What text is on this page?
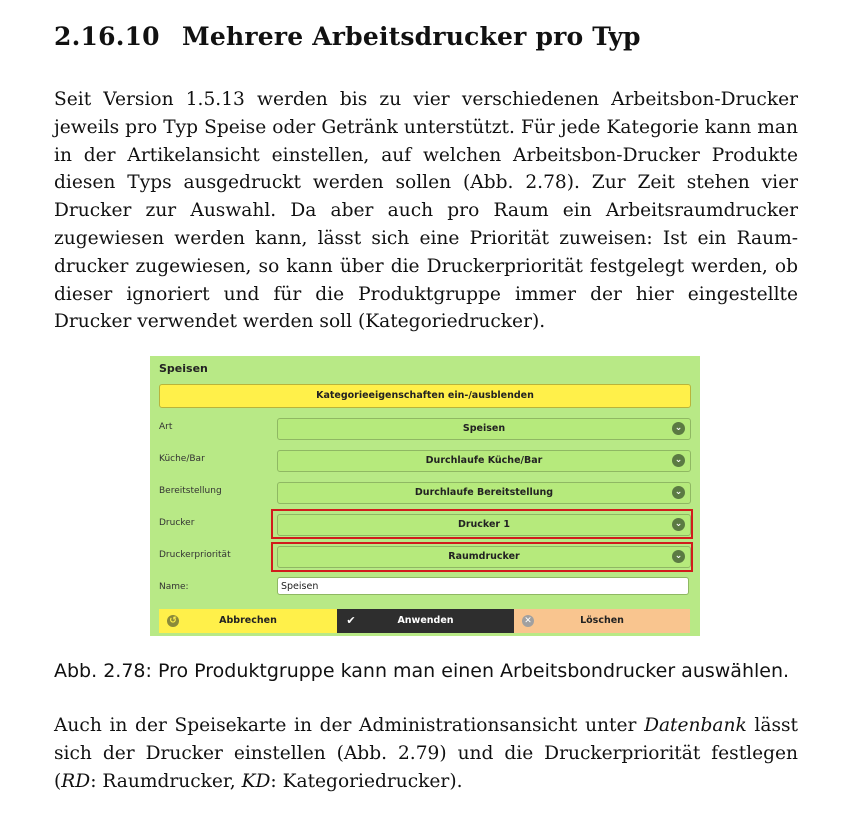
2.16.10 Mehrere Arbeitsdrucker pro Typ
Seit Version 1.5.13 werden bis zu vier verschiedenen Arbeitsbon-Drucker jeweils pro Typ Speise oder Getränk unterstützt. Für jede Kategorie kann man in der Artikelansicht einstellen, auf welchen Arbeitsbon-Drucker Produkte diesen Typs ausgedruckt werden sollen (Abb. 2.78). Zur Zeit stehen vier Drucker zur Auswahl. Da aber auch pro Raum ein Arbeitsraumdrucker zugewiesen werden kann, lässt sich eine Priorität zuweisen: Ist ein Raumdrucker zugewiesen, so kann über die Druckerpriorität festgelegt werden, ob dieser ignoriert und für die Produktgruppe immer der hier eingestellte Drucker verwendet werden soll (Kategoriedrucker).
Speisen
Kategorieeigenschaften ein-/ausblenden
Art	Speisen	⌄
Küche/Bar	Durchlaufe Küche/Bar	⌄
Bereitstellung	Durchlaufe Bereitstellung	⌄
Drucker	Drucker 1	⌄
Druckerpriorität	Raumdrucker	⌄
Name:	Speisen
↺	Abbrechen	✔	Anwenden	✕	Löschen
Abb. 2.78: Pro Produktgruppe kann man einen Arbeitsbondrucker auswählen.
Auch in der Speisekarte in der Administrationsansicht unter Datenbank lässt sich der Drucker einstellen (Abb. 2.79) und die Druckerpriorität festlegen (RD: Raumdrucker, KD: Kategoriedrucker).
